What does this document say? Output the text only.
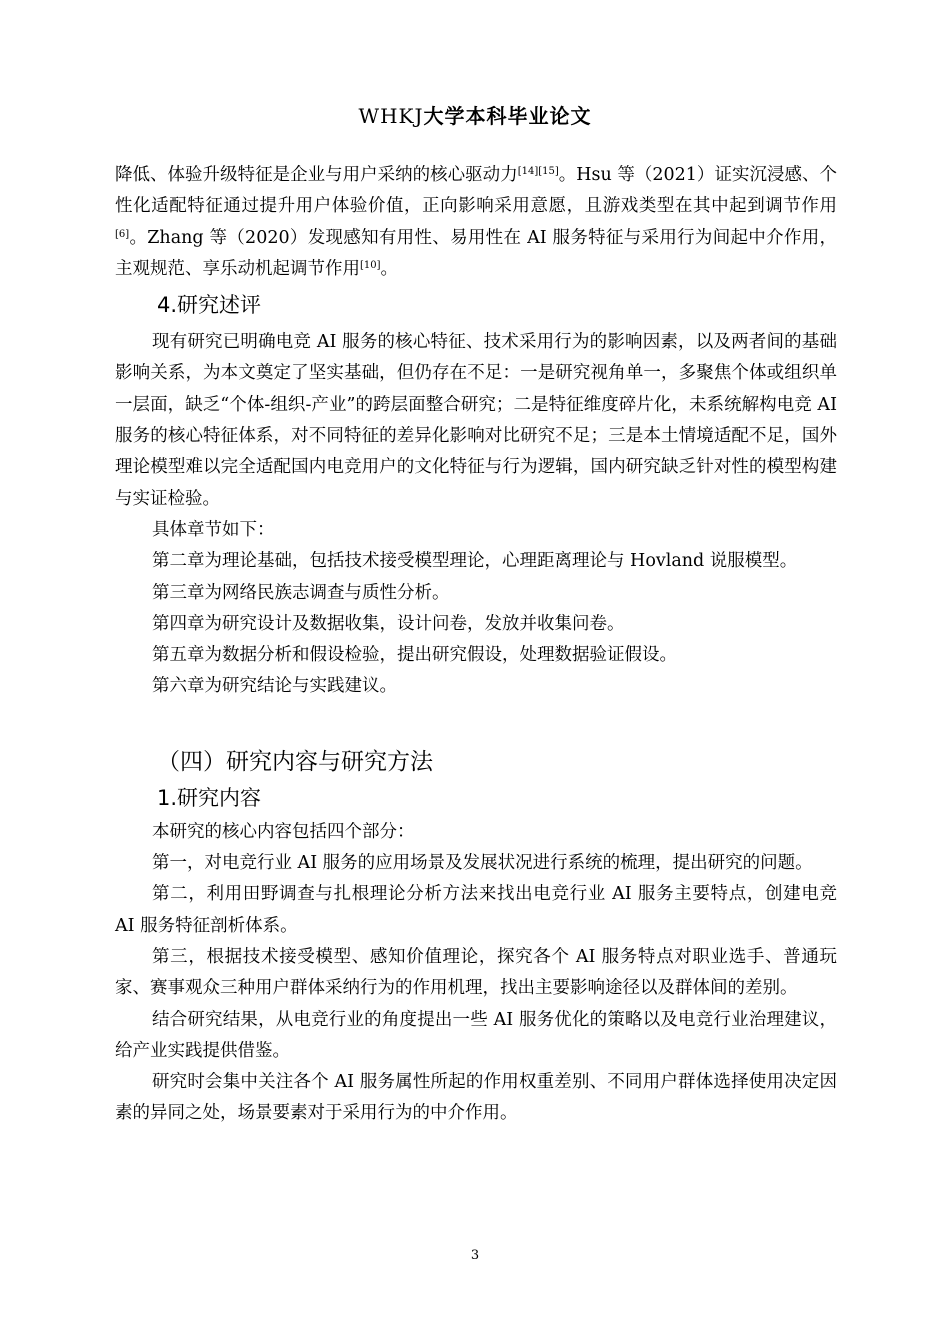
WHKJ大学本科毕业论文

降低、体验升级特征是企业与用户采纳的核心驱动力[14][15]。Hsu 等（2021）证实沉浸感、个性化适配特征通过提升用户体验价值，正向影响采用意愿，且游戏类型在其中起到调节作用[6]。Zhang 等（2020）发现感知有用性、易用性在 AI 服务特征与采用行为间起中介作用，主观规范、享乐动机起调节作用[10]。

4.研究述评

现有研究已明确电竞 AI 服务的核心特征、技术采用行为的影响因素，以及两者间的基础影响关系，为本文奠定了坚实基础，但仍存在不足：一是研究视角单一，多聚焦个体或组织单一层面，缺乏“个体-组织-产业”的跨层面整合研究；二是特征维度碎片化，未系统解构电竞 AI 服务的核心特征体系，对不同特征的差异化影响对比研究不足；三是本土情境适配不足，国外理论模型难以完全适配国内电竞用户的文化特征与行为逻辑，国内研究缺乏针对性的模型构建与实证检验。

具体章节如下：

第二章为理论基础，包括技术接受模型理论，心理距离理论与 Hovland 说服模型。

第三章为网络民族志调查与质性分析。

第四章为研究设计及数据收集，设计问卷，发放并收集问卷。

第五章为数据分析和假设检验，提出研究假设，处理数据验证假设。

第六章为研究结论与实践建议。

（四）研究内容与研究方法
1.研究内容

本研究的核心内容包括四个部分：

第一，对电竞行业 AI 服务的应用场景及发展状况进行系统的梳理，提出研究的问题。

第二，利用田野调查与扎根理论分析方法来找出电竞行业 AI 服务主要特点，创建电竞 AI 服务特征剖析体系。

第三，根据技术接受模型、感知价值理论，探究各个 AI 服务特点对职业选手、普通玩家、赛事观众三种用户群体采纳行为的作用机理，找出主要影响途径以及群体间的差别。

结合研究结果，从电竞行业的角度提出一些 AI 服务优化的策略以及电竞行业治理建议，给产业实践提供借鉴。

研究时会集中关注各个 AI 服务属性所起的作用权重差别、不同用户群体选择使用决定因素的异同之处，场景要素对于采用行为的中介作用。

3
